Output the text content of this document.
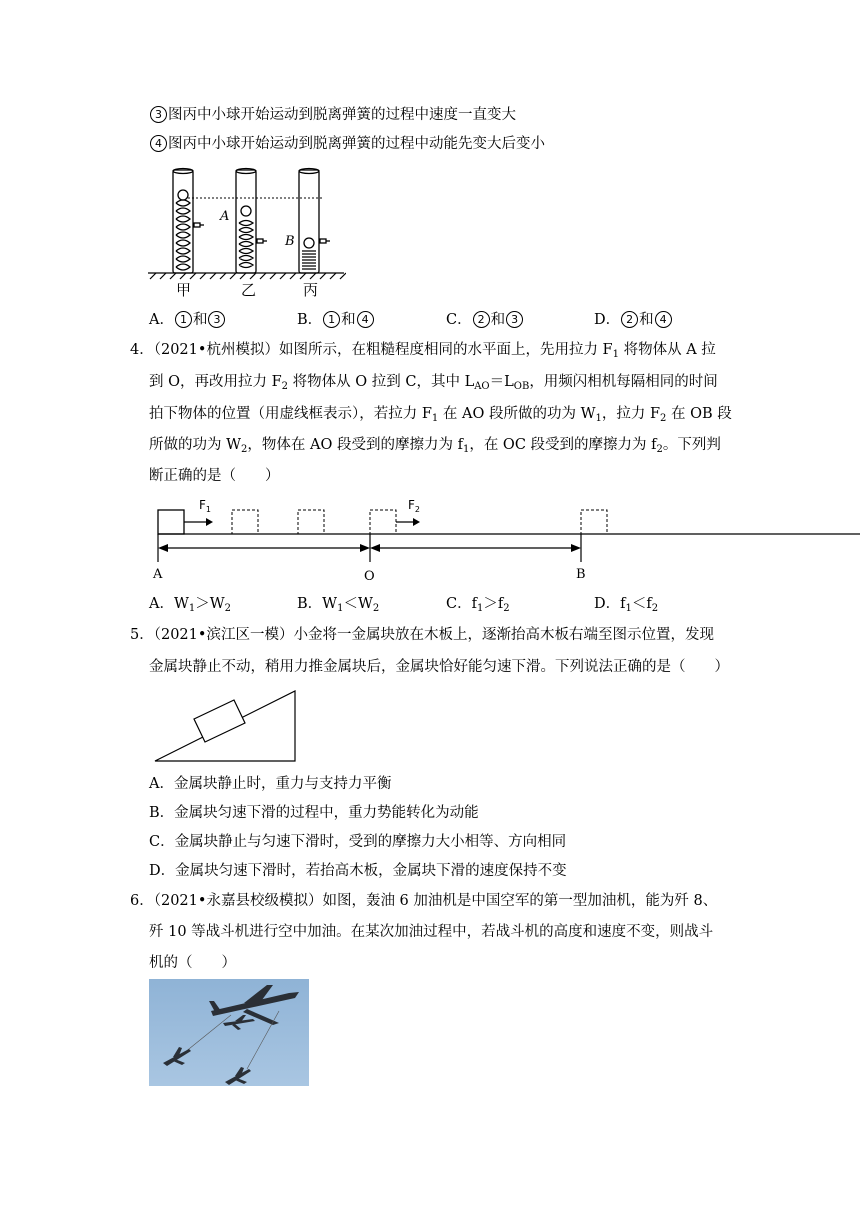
3 图丙中小球开始运动到脱离弹簧的过程中速度一直变大
4 图丙中小球开始运动到脱离弹簧的过程中动能先变大后变小
A
B
甲	乙	丙
A． 1 和 3	B． 1 和 4	C． 2 和 3	D． 2 和 4
4．（2021•杭州模拟）如图所示，在粗糙程度相同的水平面上，先用拉力 $F_1$ 将物体从 A 拉
到 O，再改用拉力 $F_2$ 将物体从 O 拉到 C，其中 $L_{AO}=L_{OB}$，用频闪相机每隔相同的时间
拍下物体的位置（用虚线框表示），若拉力 $F_1$ 在 AO 段所做的功为 $W_1$，拉力 $F_2$ 在 OB 段
所做的功为 $W_2$，物体在 AO 段受到的摩擦力为 $f_1$，在 OC 段受到的摩擦力为 $f_2$。下列判
断正确的是（　　）
$F_1$	$F_2$
A	O	B
A．$W_1>W_2$	B．$W_1<W_2$	C．$f_1>f_2$	D．$f_1<f_2$
5．（2021•滨江区一模）小金将一金属块放在木板上，逐渐抬高木板右端至图示位置，发现
金属块静止不动，稍用力推金属块后，金属块恰好能匀速下滑。下列说法正确的是（　　）
A．金属块静止时，重力与支持力平衡
B．金属块匀速下滑的过程中，重力势能转化为动能
C．金属块静止与匀速下滑时，受到的摩擦力大小相等、方向相同
D．金属块匀速下滑时，若抬高木板，金属块下滑的速度保持不变
6．（2021•永嘉县校级模拟）如图，轰油 6 加油机是中国空军的第一型加油机，能为歼 8、
歼 10 等战斗机进行空中加油。在某次加油过程中，若战斗机的高度和速度不变，则战斗
机的（　　）
